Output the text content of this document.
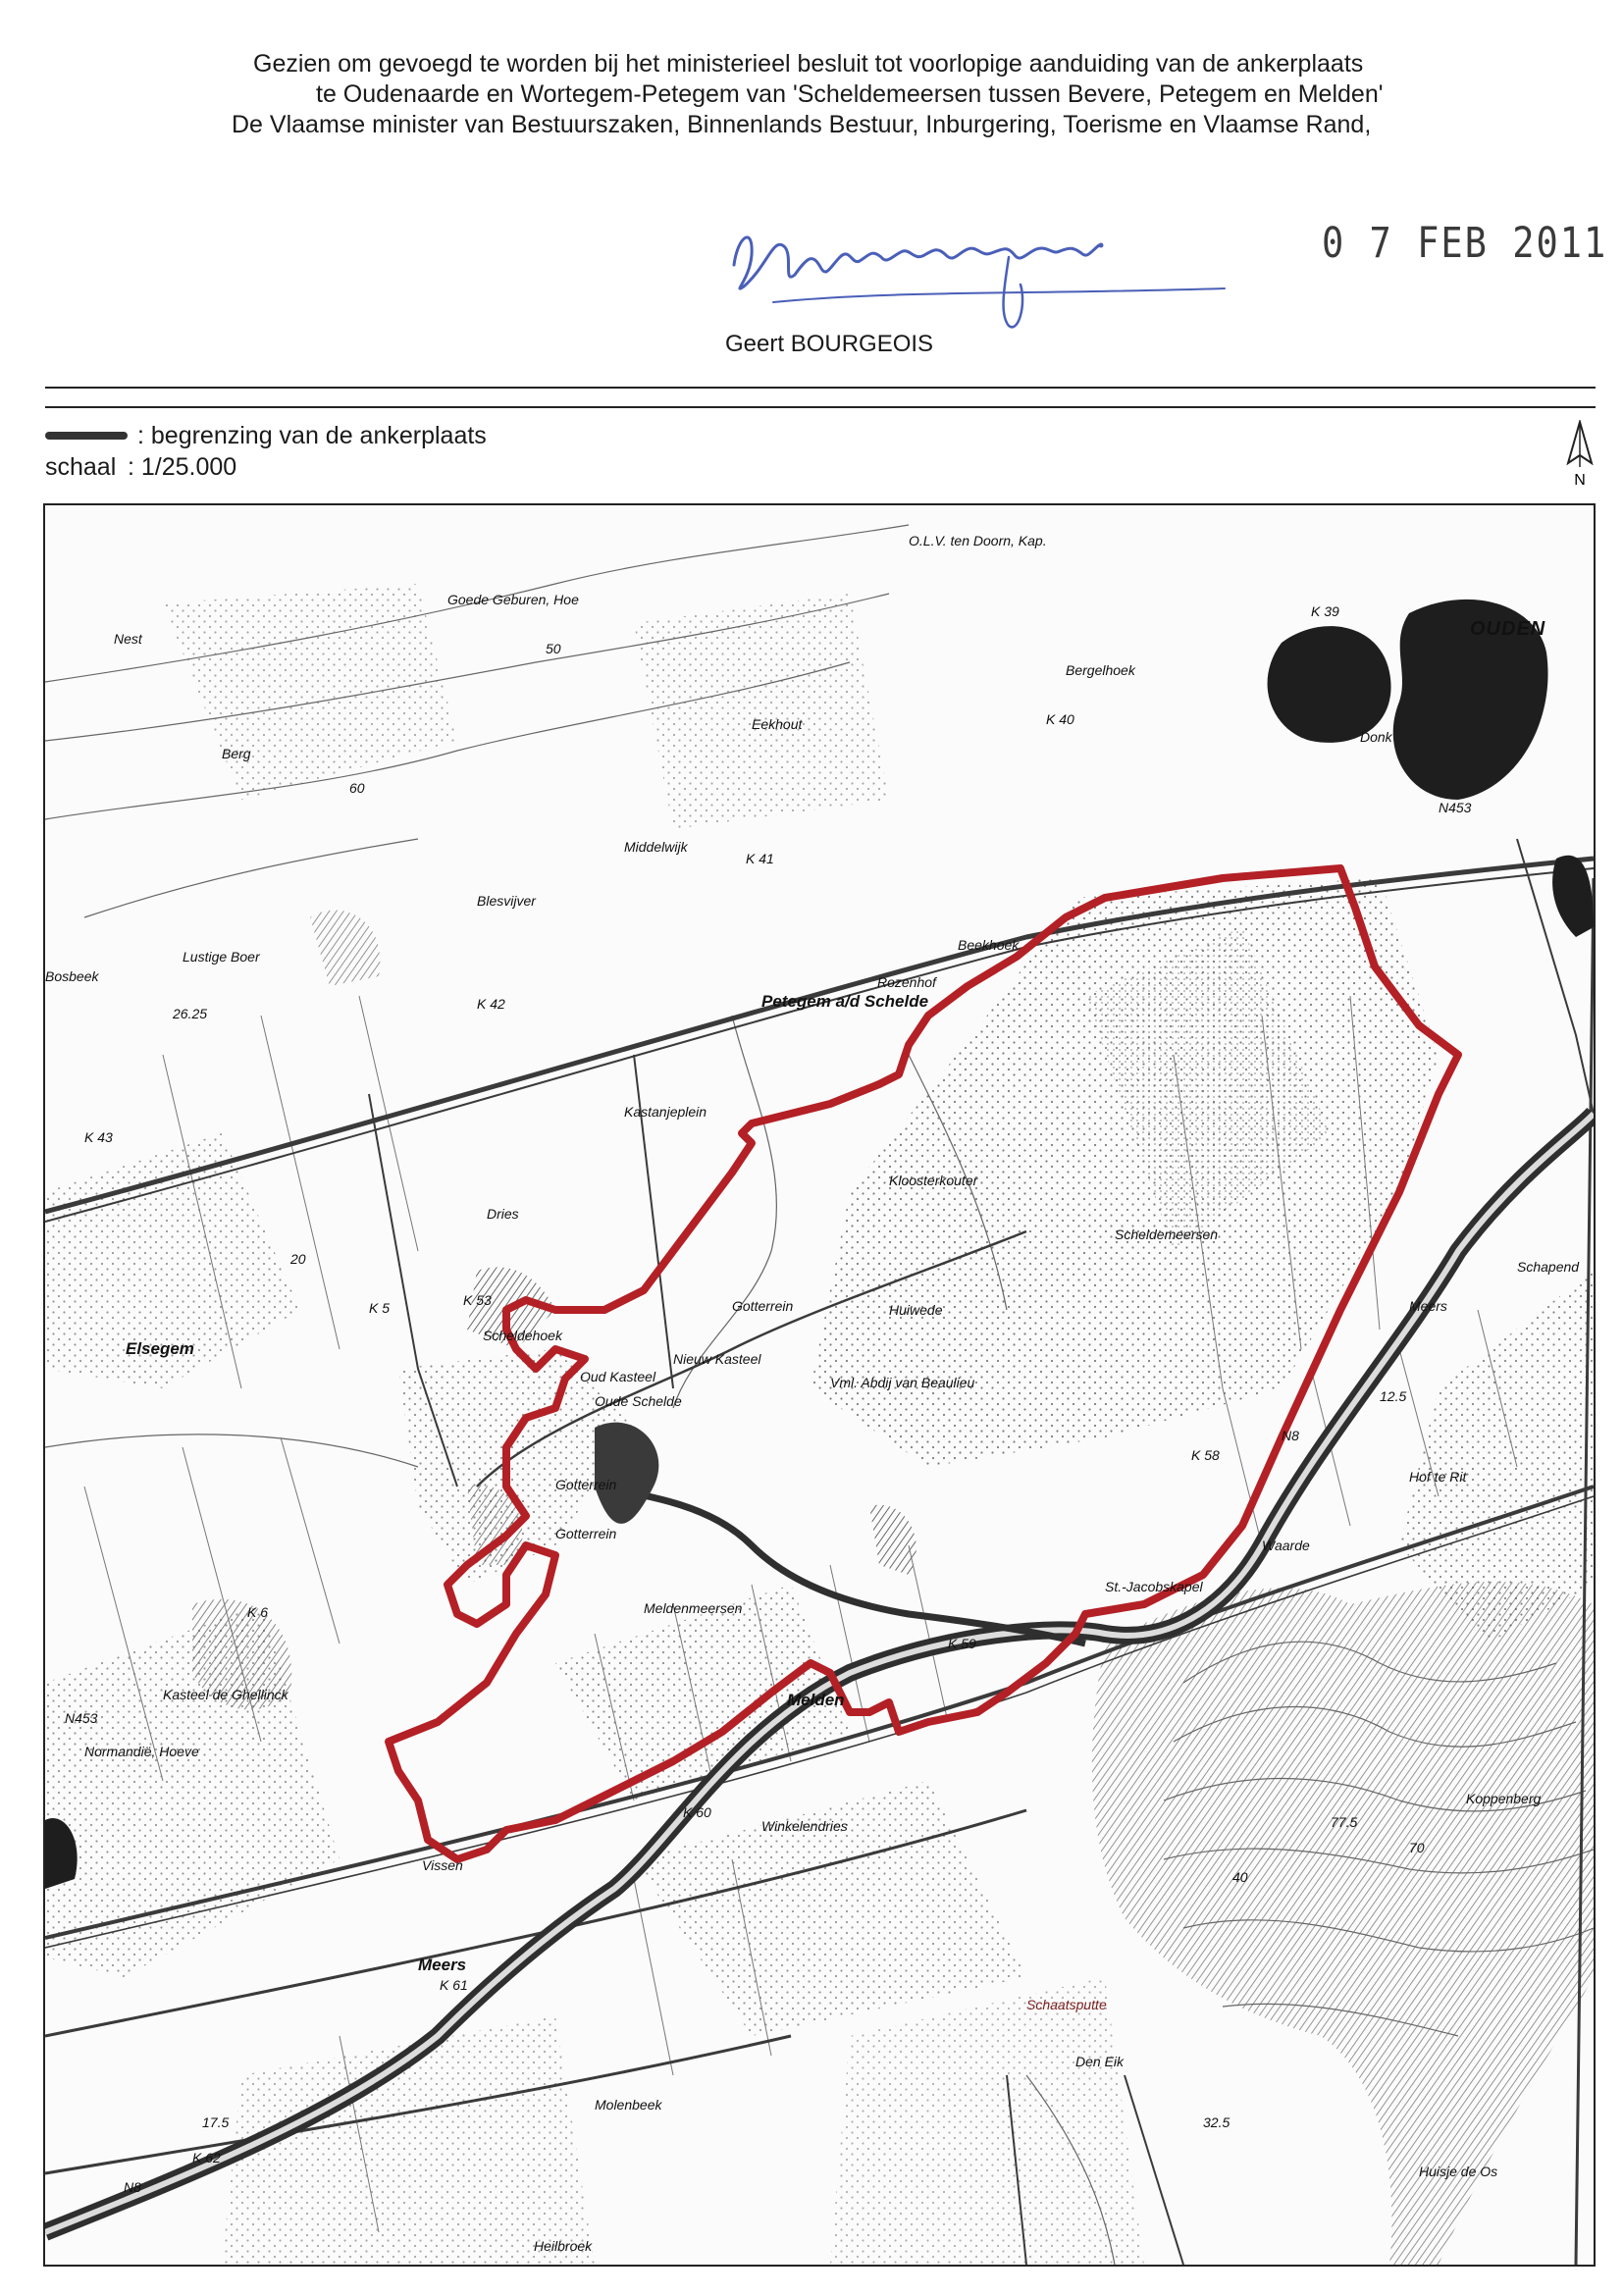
Gezien om gevoegd te worden bij het ministerieel besluit tot voorlopige aanduiding van de ankerplaats

te Oudenaarde en Wortegem-Petegem van 'Scheldemeersen tussen Bevere, Petegem en Melden'

De Vlaamse minister van Bestuurszaken, Binnenlands Bestuur, Inburgering, Toerisme en Vlaamse Rand,

0 7 FEB 2011
Geert BOURGEOIS
: begrenzing van de ankerplaats
schaal : 1/25.000	N
OUDEN
O.L.V. ten Doorn, Kap.
Goede Geburen, Hoe
Nest
Berg
Eekhout
Bergelhoek
Donk
Middelwijk
Blesvijver
Lustige Boer
Bosbeek
Beekhoek
Rozenhof
Petegem a/d Schelde
Kastanjeplein
Kloosterkouter
Scheldemeersen
Dries
Elsegem
Scheldehoek
Oud Kasteel
Nieuw Kasteel
Gotterrein	Huiwede
Vml. Abdij van Beaulieu
Oude Schelde
Gotterrein
Gotterrein
Meers
Schapend
Hof te Rit
Waarde
St.-Jacobskapel
Meldenmeersen
Melden
Kasteel de Ghellinck
Normandië, Hoeve
Winkelendries
Koppenberg
Vissen
Meers
Schaatsputte
Den Eik
Molenbeek
Heilbroek
Huisje de Os
N453
N453
N8
N8
K 39
K 40
K 41
K 42
K 43
K 53
K 58
K 59
K 60
K 61
K 62
K 5
K 6
20
40
50
60
70
12.5
17.5
26.25
32.5
77.5
